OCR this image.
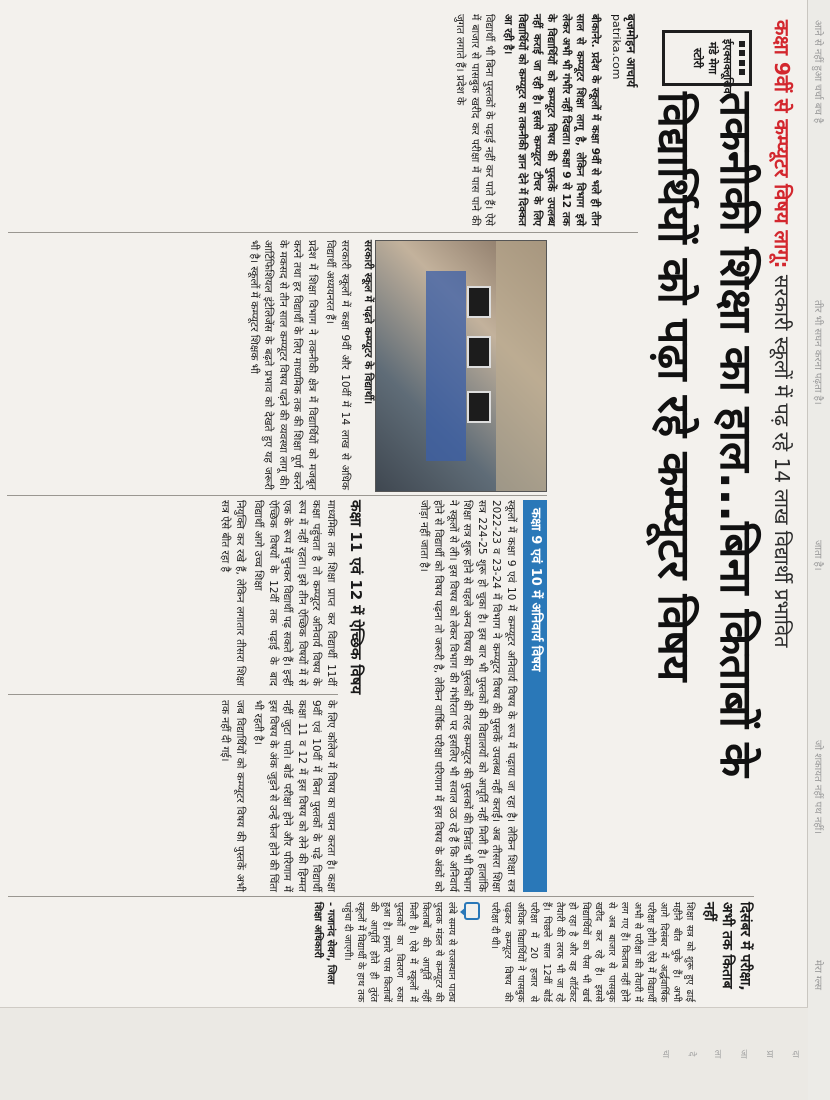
आने से नहीं हुआ चर्चा बच है
तीर भी सघन करना पढ़ता है।
जाता है।
जो शकायत नहीं पथ नहीं।
मेरा ग्ल्स
दा
प्रा
जा
ला
दे
चा
कक्षा 9वीं से कम्प्यूटर विषय लागू: सरकारी स्कूलों में पढ़ रहे 14 लाख विद्यार्थी प्रभावित
ईएक्सक्लूसिव
मंडे मेगा
स्टोरी
तकनीकी शिक्षा का हाल...बिना किताबों के विद्यार्थियों को पढ़ा रहे कम्प्यूटर विषय
बृजमोहन आचार्य
patrika.com

बीकानेर. प्रदेश के स्कूलों में कक्षा 9वीं से भले ही तीन साल से कम्प्यूटर शिक्षा लागू है, लेकिन विभाग इसे लेकर अभी भी गंभीर नहीं दिखता। कक्षा 9 से 12 तक के विद्यार्थियों को कम्प्यूटर विषय की पुस्तकें उपलब्ध नहीं कराई जा रही है। इससे कम्प्यूटर टीचर के लिए विद्यार्थियों को कम्प्यूटर का तकनीकी ज्ञान देने में दिक्कत आ रही है।

विद्यार्थी भी बिना पुस्तकों के पढ़ाई नहीं कर पाते हैं। ऐसे में बाजार से पासबुक खरीद कर परीक्षा में पास पाने की जुगत लगाते हैं। प्रदेश के

सरकारी स्कूल में पढ़ते कम्प्यूटर के विद्यार्थी।

सरकारी स्कूलों में कक्षा 9वीं और 10वीं में 14 लाख से अधिक विद्यार्थी अध्ययनरत हैं।

प्रदेश में शिक्षा विभाग ने तकनीकी क्षेत्र में विद्यार्थियों को मजबूत करने तथा हर विद्यार्थी के लिए माध्यमिक तक की शिक्षा पूर्ण करने के मकसद से तीन साल कम्प्यूटर विषय पढ़ने की व्यवस्था लागू की। आर्टिफिशियल इंटेलिजेंस के बढ़ते प्रभाव को देखते हुए यह जरूरी भी है। स्कूलों में कम्प्यूटर शिक्षक भी

कक्षा 9 एवं 10 में अनिवार्य विषय
स्कूलों में कक्षा 9 एवं 10 में कम्प्यूटर अनिवार्य विषय के रूप में पढ़ाया जा रहा है। लेकिन शिक्षा सत्र 2022-23 व 23-24 में विभाग ने कम्प्यूटर विषय की पुस्तकें उपलब्ध नहीं कराईं। अब तीसरा शिक्षा सत्र 224-25 शुरू हो चुका है। इस बार भी पुस्तकों की विद्यालयों को आपूर्ति नहीं मिली है। हालांकि शिक्षा सत्र शुरू होने से पहले अन्य विषय की पुस्तकों की तरह कम्प्यूटर की पुस्तकों की डिमांड भी विभाग ने स्कूलों से ली। इस विषय को लेकर विभाग की गंभीरता पर इसलिए भी सवाल उठ रहे हैं कि अनिवार्य होने से विद्यार्थी को विषय पढ़ना तो जरूरी है, लेकिन वार्षिक परीक्षा परिणाम में इस विषय के अंकों को जोड़ा नहीं जाता है।
कक्षा 11 एवं 12 में ऐच्छिक विषय

माध्यमिक तक शिक्षा प्राप्त कर विद्यार्थी 11वीं कक्षा पहुंचता है तो कम्प्यूटर अनिवार्य विषय के रूप में नहीं रहता। इसे तीन ऐच्छिक विषयों में से एक के रूप में चुनकर विद्यार्थी पढ़ सकते हैं। इन्हीं ऐच्छिक विषयों के 12वीं तक पढ़ाई के बाद विद्यार्थी आगे उच्च शिक्षा

नियुक्ति कर रखे हैं, लेकिन लगातार तीसरा शिक्षा सत्र ऐसे बीत रहा है

के लिए कॉलेज में विषय का चयन करता है। कक्षा 9वीं एवं 10वीं में बिना पुस्तकों के पढ़े विद्यार्थी कक्षा 11 व 12 में इस विषय को लेने की हिम्मत नहीं जुटा पाते। बोर्ड परीक्षा होने और परिणाम में इस विषय के अंक जुड़ने से उन्हें फेल होने की चिंता भी रहती है।

जब विद्यार्थियों को कम्प्यूटर विषय की पुस्तकें अभी तक नहीं दी गई।

दिसंबर में परीक्षा, अभी तक किताब नहीं
शिक्षा सत्र को शुरू हुए ढाई महीने बीत चुके हैं। अभी आगे दिसंबर में अर्द्धवार्षिक परीक्षा होगी। ऐसे में विद्यार्थी अभी से परीक्षा की तैयारी में लग गए हैं। किताब नहीं होने से अब बाजार से पासबुक खरीद कर रहे हैं। इससे विद्यार्थियों का पैसा भी खर्च हो रहा है और वह शॉर्टकट तैयारी की तरफ भी जा रहे हैं। पिछले साल 12वीं बोर्ड परीक्षा में 20 हजार से अधिक विद्यार्थियों ने पासबुक पढ़कर कम्प्यूटर विषय की परीक्षा दी थी।
लंबे समय से राजस्थान पाठ्य पुस्तक मंडल से कम्प्यूटर की किताबों की आपूर्ति नहीं मिली है। ऐसे में स्कूलों में पुस्तकों का वितरण रुका हुआ है। हमारे पास किताबों की आपूर्ति होते ही तुरंत स्कूलों में विद्यार्थी के हाथ तक पहुंचा दी जाएगी।
- गजानंद सेवग, जिला शिक्षा अधिकारी
